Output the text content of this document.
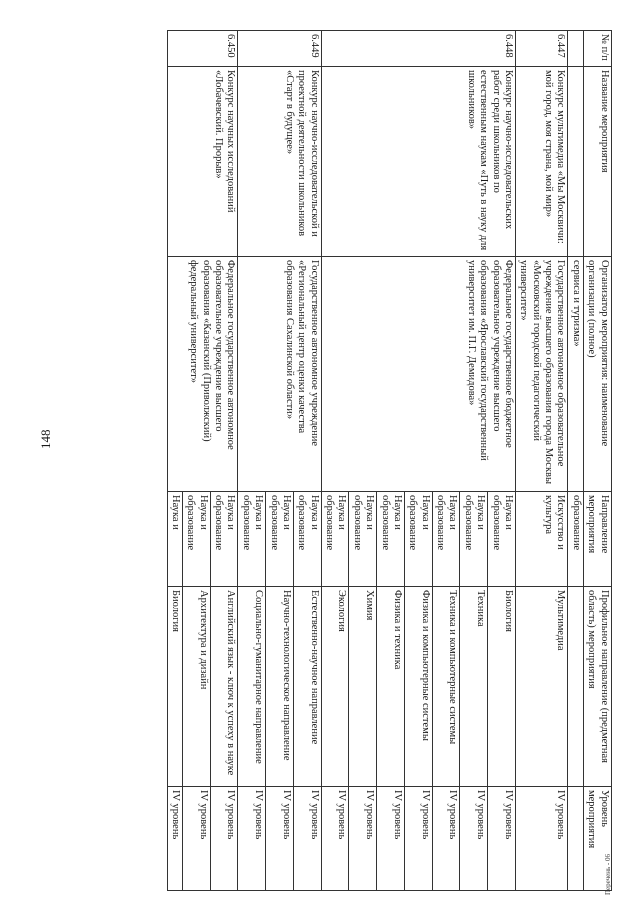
148
Перечень - 06
№ п/п	Название мероприятия	Организатор мероприятия: наименование организации (полное)	Направление мероприятия	Профильное направление (предметная область) мероприятия	Уровень мероприятия
		сервиса и туризма»	образование		
6.447	Конкурс мультимедиа «Мы Москвичи: мой город, моя страна, мой мир»	Государственное автономное образовательное учреждение высшего образования города Москвы «Московский городской педагогический университет»	Искусство и культура	Мультимедиа	IV уровень
6.448	Конкурс научно-исследовательских работ среди школьников по естественным наукам «Путь в науку для школьников»	Федеральное государственное бюджетное образовательное учреждение высшего образования «Ярославский государственный университет им. П.Г. Демидова»	Наука и образование	Биология	IV уровень
			Наука и образование	Техника	IV уровень
			Наука и образование	Техника и компьютерные системы	IV уровень
			Наука и образование	Физика и компьютерные системы	IV уровень
			Наука и образование	Физика и техника	IV уровень
			Наука и образование	Химия	IV уровень
			Наука и образование	Экология	IV уровень
6.449	Конкурс научно-исследовательской и проектной деятельности школьников «Старт в будущее»	Государственное автономное учреждение «Региональный центр оценки качества образования Сахалинской области»	Наука и образование	Естественно-научное направление	IV уровень
			Наука и образование	Научно-технологическое направление	IV уровень
			Наука и образование	Социально-гуманитарное направление	IV уровень
6.450	Конкурс научных исследований «Лобачевский. Прорыв»	Федеральное государственное автономное образовательное учреждение высшего образования «Казанский (Приволжский) федеральный университет»	Наука и образование	Английский язык - ключ к успеху в науке	IV уровень
			Наука и образование	Архитектура и дизайн	IV уровень
			Наука и	Биология	IV уровень
